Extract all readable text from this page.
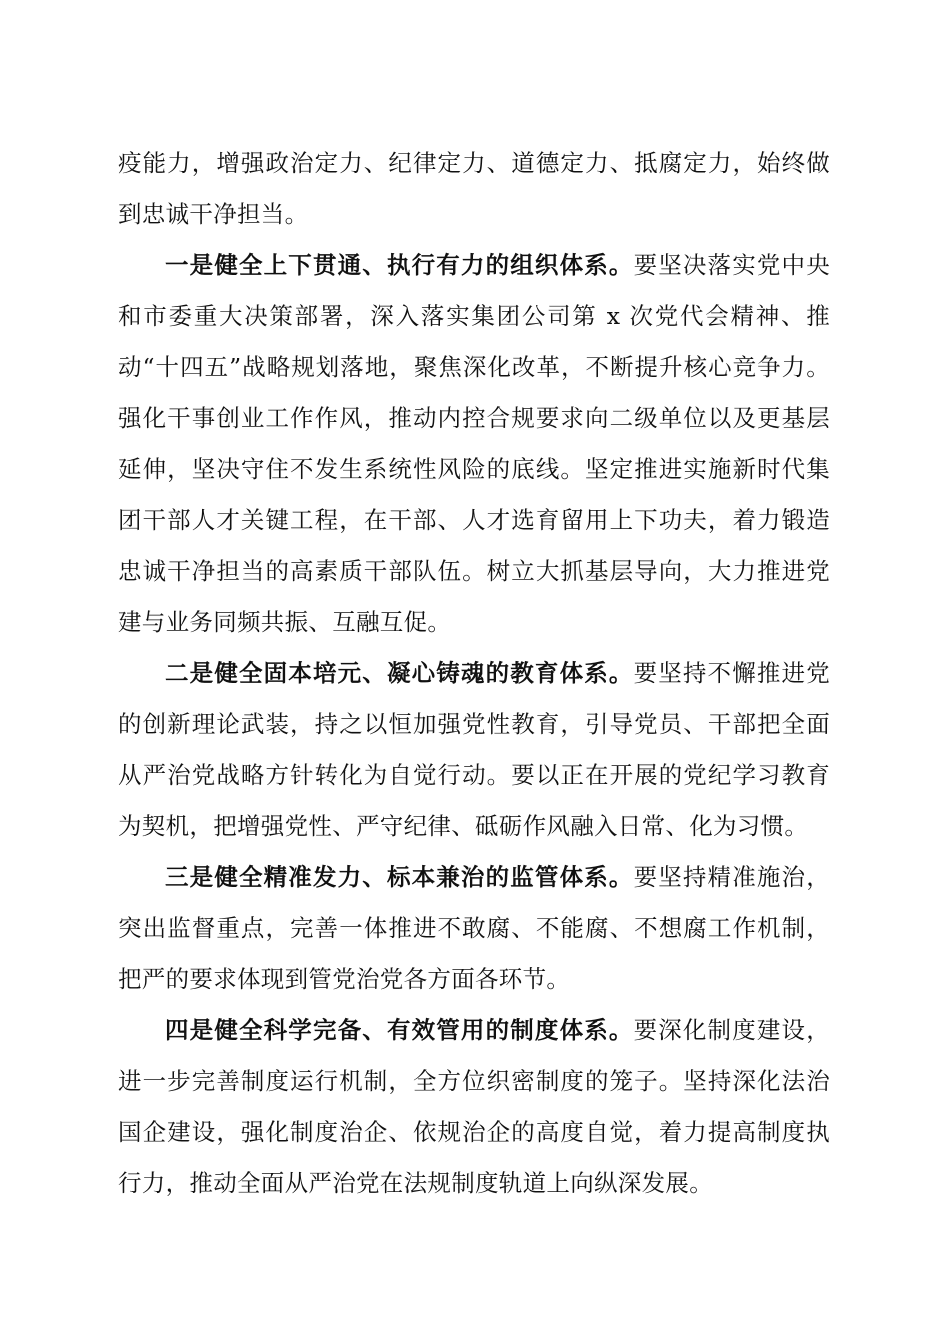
疫能力，增强政治定力、纪律定力、道德定力、抵腐定力，始终做到忠诚干净担当。

一是健全上下贯通、执行有力的组织体系。要坚决落实党中央和市委重大决策部署，深入落实集团公司第 x 次党代会精神、推动“十四五”战略规划落地，聚焦深化改革，不断提升核心竞争力。强化干事创业工作作风，推动内控合规要求向二级单位以及更基层延伸，坚决守住不发生系统性风险的底线。坚定推进实施新时代集团干部人才关键工程，在干部、人才选育留用上下功夫，着力锻造忠诚干净担当的高素质干部队伍。树立大抓基层导向，大力推进党建与业务同频共振、互融互促。

二是健全固本培元、凝心铸魂的教育体系。要坚持不懈推进党的创新理论武装，持之以恒加强党性教育，引导党员、干部把全面从严治党战略方针转化为自觉行动。要以正在开展的党纪学习教育为契机，把增强党性、严守纪律、砥砺作风融入日常、化为习惯。

三是健全精准发力、标本兼治的监管体系。要坚持精准施治，突出监督重点，完善一体推进不敢腐、不能腐、不想腐工作机制，把严的要求体现到管党治党各方面各环节。

四是健全科学完备、有效管用的制度体系。要深化制度建设，进一步完善制度运行机制，全方位织密制度的笼子。坚持深化法治国企建设，强化制度治企、依规治企的高度自觉，着力提高制度执行力，推动全面从严治党在法规制度轨道上向纵深发展。
